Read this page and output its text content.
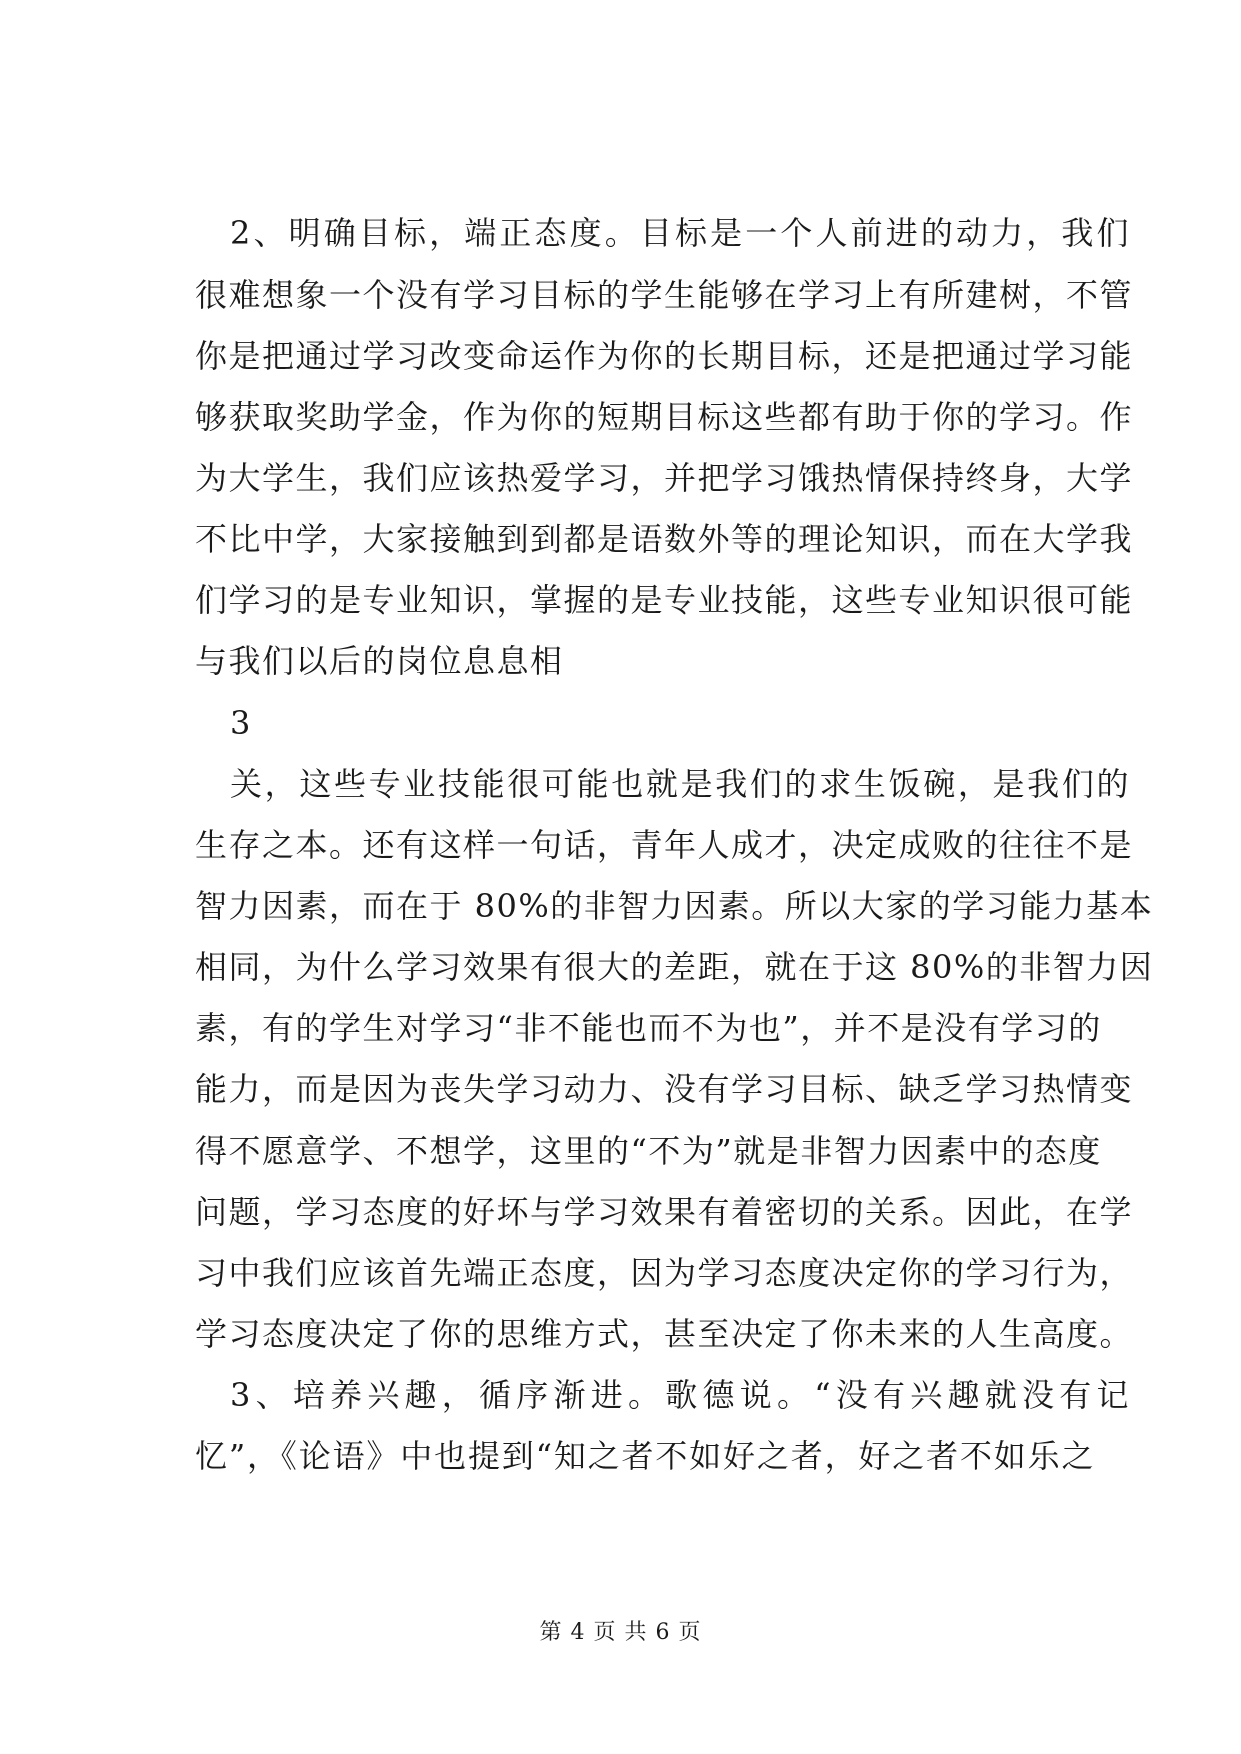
2、明确目标，端正态度。目标是一个人前进的动力，我们
很难想象一个没有学习目标的学生能够在学习上有所建树，不管
你是把通过学习改变命运作为你的长期目标，还是把通过学习能
够获取奖助学金，作为你的短期目标这些都有助于你的学习。作
为大学生，我们应该热爱学习，并把学习饿热情保持终身，大学
不比中学，大家接触到到都是语数外等的理论知识，而在大学我
们学习的是专业知识，掌握的是专业技能，这些专业知识很可能
与我们以后的岗位息息相
3
关，这些专业技能很可能也就是我们的求生饭碗，是我们的
生存之本。还有这样一句话，青年人成才，决定成败的往往不是
智力因素，而在于 80%的非智力因素。所以大家的学习能力基本
相同，为什么学习效果有很大的差距，就在于这 80%的非智力因
素，有的学生对学习“非不能也而不为也”，并不是没有学习的
能力，而是因为丧失学习动力、没有学习目标、缺乏学习热情变
得不愿意学、不想学，这里的“不为”就是非智力因素中的态度
问题，学习态度的好坏与学习效果有着密切的关系。因此，在学
习中我们应该首先端正态度，因为学习态度决定你的学习行为，
学习态度决定了你的思维方式，甚至决定了你未来的人生高度。
3、培养兴趣，循序渐进。歌德说。“没有兴趣就没有记
忆”，《论语》中也提到“知之者不如好之者，好之者不如乐之
第 4 页 共 6 页
